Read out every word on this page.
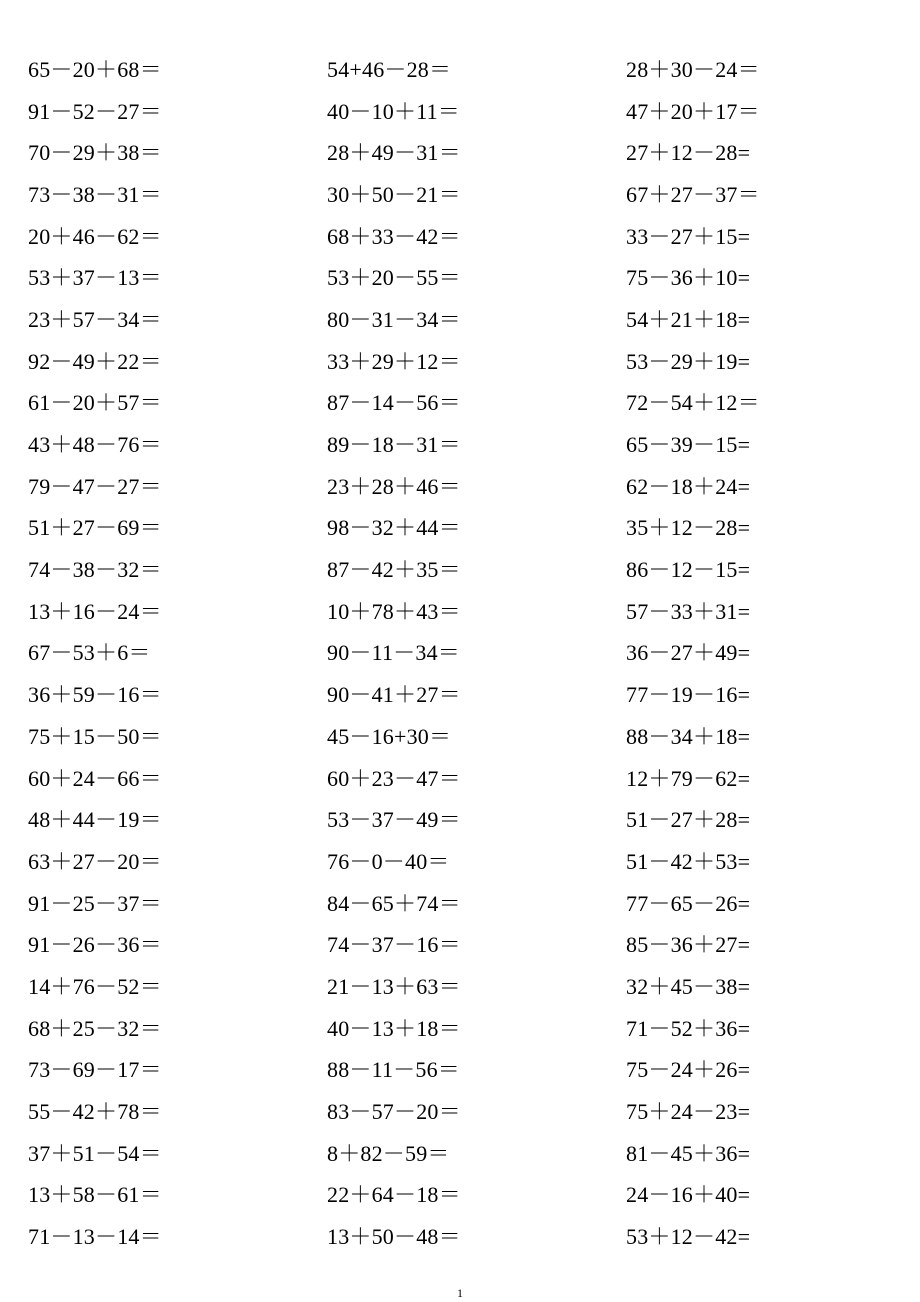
65－20＋68＝	54+46－28＝	28＋30－24＝
91－52－27＝	40－10＋11＝	47＋20＋17＝
70－29＋38＝	28＋49－31＝	27＋12－28=
73－38－31＝	30＋50－21＝	67＋27－37＝
20＋46－62＝	68＋33－42＝	33－27＋15=
53＋37－13＝	53＋20－55＝	75－36＋10=
23＋57－34＝	80－31－34＝	54＋21＋18=
92－49＋22＝	33＋29＋12＝	53－29＋19=
61－20＋57＝	87－14－56＝	72－54＋12＝
43＋48－76＝	89－18－31＝	65－39－15=
79－47－27＝	23＋28＋46＝	62－18＋24=
51＋27－69＝	98－32＋44＝	35＋12－28=
74－38－32＝	87－42＋35＝	86－12－15=
13＋16－24＝	10＋78＋43＝	57－33＋31=
67－53＋6＝	90－11－34＝	36－27＋49=
36＋59－16＝	90－41＋27＝	77－19－16=
75＋15－50＝	45－16+30＝	88－34＋18=
60＋24－66＝	60＋23－47＝	12＋79－62=
48＋44－19＝	53－37－49＝	51－27＋28=
63＋27－20＝	76－0－40＝	51－42＋53=
91－25－37＝	84－65＋74＝	77－65－26=
91－26－36＝	74－37－16＝	85－36＋27=
14＋76－52＝	21－13＋63＝	32＋45－38=
68＋25－32＝	40－13＋18＝	71－52＋36=
73－69－17＝	88－11－56＝	75－24＋26=
55－42＋78＝	83－57－20＝	75＋24－23=
37＋51－54＝	8＋82－59＝	81－45＋36=
13＋58－61＝	22＋64－18＝	24－16＋40=
71－13－14＝	13＋50－48＝	53＋12－42=
1
